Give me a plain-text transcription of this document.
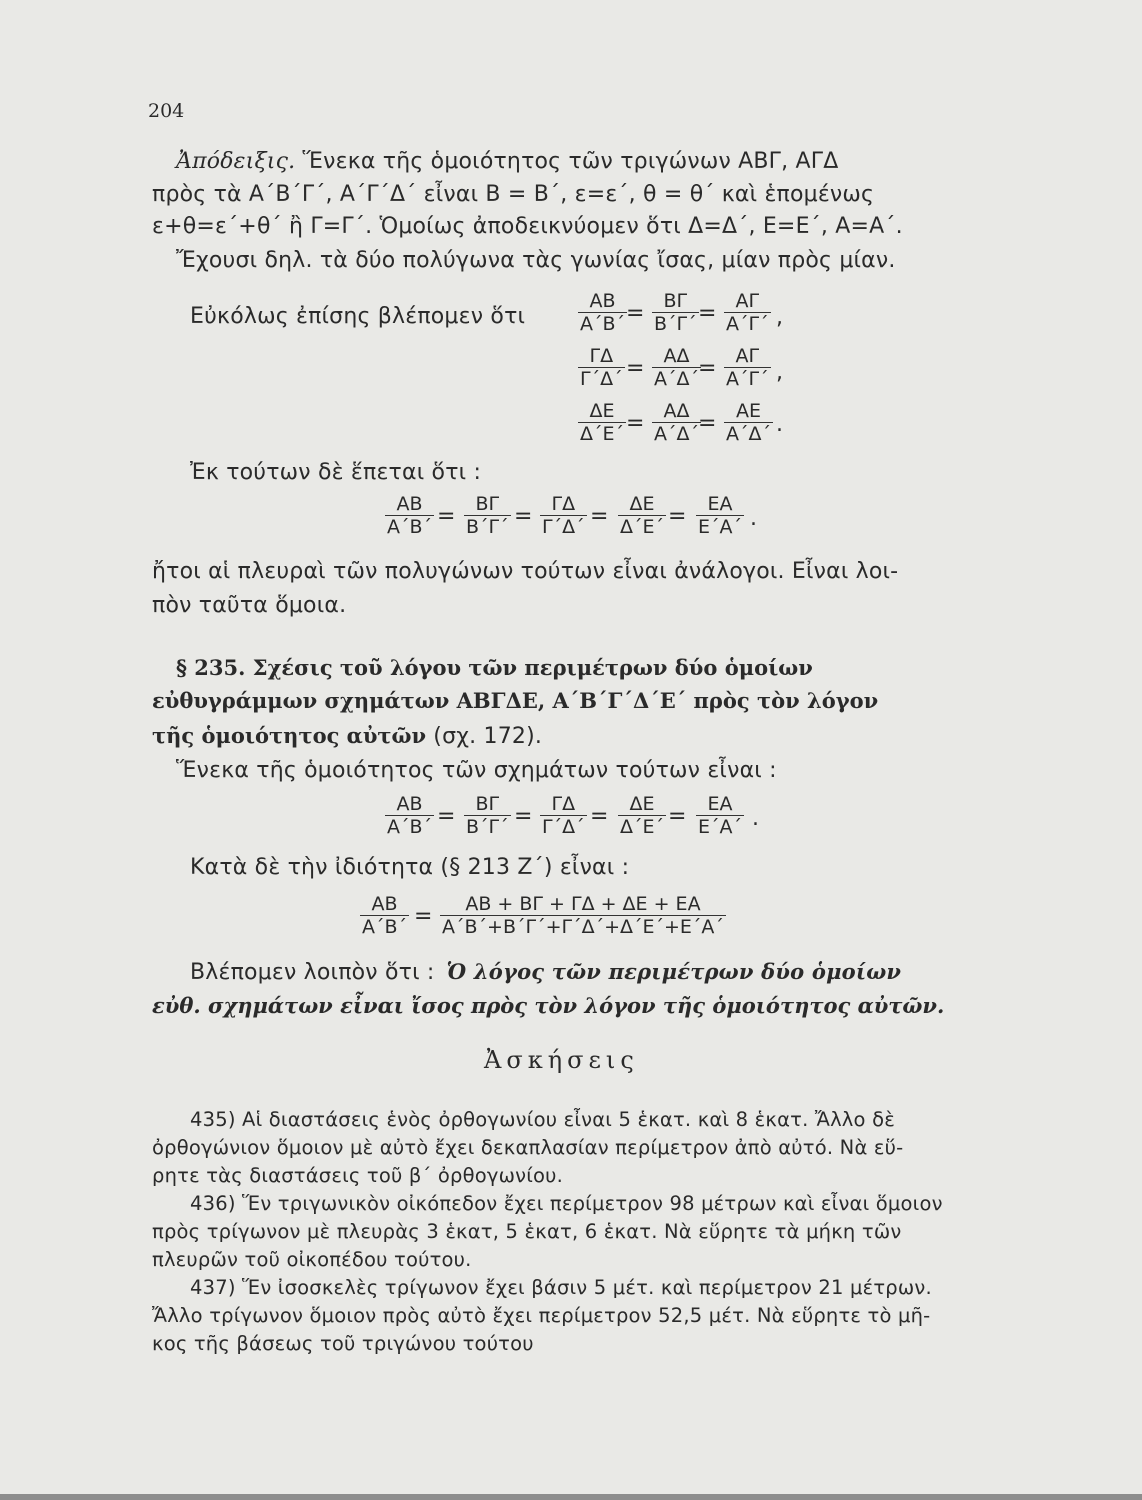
204
Ἀπόδειξις. Ἕνεκα τῆς ὁμοιότητος τῶν τριγώνων ΑΒΓ, ΑΓΔ
πρὸς τὰ Α΄Β΄Γ΄, Α΄Γ΄Δ΄ εἶναι Β = Β΄, ε=ε΄, θ = θ΄ καὶ ἑπομένως
ε+θ=ε΄+θ΄ ἢ Γ=Γ΄. Ὁμοίως ἀποδεικνύομεν ὅτι Δ=Δ΄, Ε=Ε΄, Α=Α΄.
Ἔχουσι δηλ. τὰ δύο πολύγωνα τὰς γωνίας ἴσας, μίαν πρὸς μίαν.
Εὐκόλως ἐπίσης βλέπομεν ὅτι	$\frac{AB}{A΄B΄}$
= $\frac{B\Gamma}{B΄\Gamma΄} = \frac{A\Gamma}{A΄\Gamma΄}$ ,
$\frac{\Gamma\Delta}{\Gamma΄\Delta΄} = \frac{A\Delta}{A΄\Delta΄}$
= $\frac{A\Gamma}{A΄\Gamma΄}$ ,
$\frac{\Delta E}{\Delta΄E΄} = \frac{A\Delta}{A΄\Delta΄}$
= $\frac{AE}{A΄\Delta΄}$ .
Ἐκ τούτων δὲ ἕπεται ὅτι :
$\frac{AB}{A΄B΄} = \frac{B\Gamma}{B΄\Gamma΄} = \frac{\Gamma\Delta}{\Gamma΄\Delta΄} = \frac{\Delta E}{\Delta΄E΄} = \frac{EA}{E΄A΄}$ .
ἤτοι αἱ πλευραὶ τῶν πολυγώνων τούτων εἶναι ἀνάλογοι. Εἶναι λοι-
πὸν ταῦτα ὅμοια.
§ 235. Σχέσις τοῦ λόγου τῶν περιμέτρων δύο ὁμοίων
εὐθυγράμμων σχημάτων ΑΒΓΔΕ, Α΄Β΄Γ΄Δ΄Ε΄ πρὸς τὸν λόγον
τῆς ὁμοιότητος αὐτῶν (σχ. 172).
Ἕνεκα τῆς ὁμοιότητος τῶν σχημάτων τούτων εἶναι :
$\frac{AB}{A΄B΄} = \frac{B\Gamma}{B΄\Gamma΄} = \frac{\Gamma\Delta}{\Gamma΄\Delta΄} = \frac{\Delta E}{\Delta΄E΄} = \frac{EA}{E΄A΄}$ .
Κατὰ δὲ τὴν ἰδιότητα (§ 213 Ζ΄) εἶναι :
$\frac{AB}{A΄B΄} = \frac{AB + B\Gamma + \Gamma\Delta + \Delta E + EA}{A΄B΄+B΄\Gamma΄+\Gamma΄\Delta΄+\Delta΄E΄+E΄A΄}$
Βλέπομεν λοιπὸν ὅτι : Ὁ λόγος τῶν περιμέτρων δύο ὁμοίων
εὐθ. σχημάτων εἶναι ἴσος πρὸς τὸν λόγον τῆς ὁμοιότητος αὐτῶν.
Ἀσκήσεις
435) Αἱ διαστάσεις ἑνὸς ὀρθογωνίου εἶναι 5 ἑκατ. καὶ 8 ἑκατ. Ἄλλο δὲ
ὀρθογώνιον ὅμοιον μὲ αὐτὸ ἔχει δεκαπλασίαν περίμετρον ἀπὸ αὐτό. Νὰ εὕ-
ρητε τὰς διαστάσεις τοῦ β΄ ὀρθογωνίου.
436) Ἕν τριγωνικὸν οἰκόπεδον ἔχει περίμετρον 98 μέτρων καὶ εἶναι ὅμοιον
πρὸς τρίγωνον μὲ πλευρὰς 3 ἑκατ, 5 ἑκατ, 6 ἑκατ. Νὰ εὕρητε τὰ μήκη τῶν
πλευρῶν τοῦ οἰκοπέδου τούτου.
437) Ἕν ἰσοσκελὲς τρίγωνον ἔχει βάσιν 5 μέτ. καὶ περίμετρον 21 μέτρων.
Ἄλλο τρίγωνον ὅμοιον πρὸς αὐτὸ ἔχει περίμετρον 52,5 μέτ. Νὰ εὕρητε τὸ μῆ-
κος τῆς βάσεως τοῦ τριγώνου τούτου
